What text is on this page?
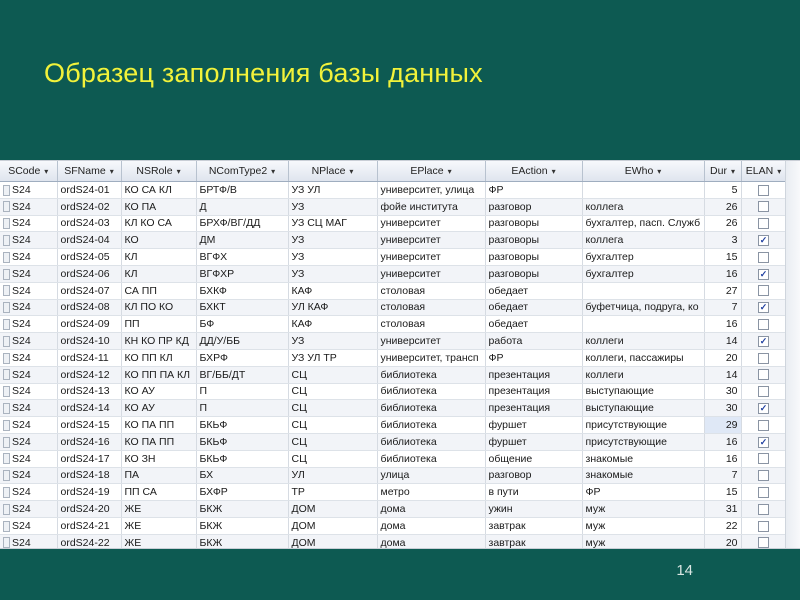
Образец заполнения базы данных
SCode ▾	SFName ▾	NSRole ▾	NComType2 ▾	NPlace ▾	EPlace ▾	EAction ▾	EWho ▾	Dur ▾	ELAN ▾
S24	ordS24-01	КО СА КЛ	БРТФ/В	УЗ УЛ	университет, улица	ФР		5	
S24	ordS24-02	КО ПА	Д	УЗ	фойе института	разговор	коллега	26	
S24	ordS24-03	КЛ КО СА	БРХФ/ВГ/ДД	УЗ СЦ МАГ	университет	разговоры	бухгалтер, пасп. Служб	26	
S24	ordS24-04	КО	ДМ	УЗ	университет	разговоры	коллега	3	✓
S24	ordS24-05	КЛ	ВГФХ	УЗ	университет	разговоры	бухгалтер	15	
S24	ordS24-06	КЛ	ВГФХР	УЗ	университет	разговоры	бухгалтер	16	✓
S24	ordS24-07	СА ПП	БХКФ	КАФ	столовая	обедает		27	
S24	ordS24-08	КЛ ПО КО	БХКТ	УЛ КАФ	столовая	обедает	буфетчица, подруга, ко	7	✓
S24	ordS24-09	ПП	БФ	КАФ	столовая	обедает		16	
S24	ordS24-10	КН КО ПР КД	ДД/У/ББ	УЗ	университет	работа	коллеги	14	✓
S24	ordS24-11	КО ПП КЛ	БХРФ	УЗ УЛ ТР	университет, трансп	ФР	коллеги, пассажиры	20	
S24	ordS24-12	КО ПП ПА КЛ	ВГ/ББ/ДТ	СЦ	библиотека	презентация	коллеги	14	
S24	ordS24-13	КО АУ	П	СЦ	библиотека	презентация	выступающие	30	
S24	ordS24-14	КО АУ	П	СЦ	библиотека	презентация	выступающие	30	✓
S24	ordS24-15	КО ПА ПП	БКЬФ	СЦ	библиотека	фуршет	присутствующие	29	
S24	ordS24-16	КО ПА ПП	БКЬФ	СЦ	библиотека	фуршет	присутствующие	16	✓
S24	ordS24-17	КО ЗН	БКЬФ	СЦ	библиотека	общение	знакомые	16	
S24	ordS24-18	ПА	БХ	УЛ	улица	разговор	знакомые	7	
S24	ordS24-19	ПП СА	БХФР	ТР	метро	в пути	ФР	15	
S24	ordS24-20	ЖЕ	БКЖ	ДОМ	дома	ужин	муж	31	
S24	ordS24-21	ЖЕ	БКЖ	ДОМ	дома	завтрак	муж	22	
S24	ordS24-22	ЖЕ	БКЖ	ДОМ	дома	завтрак	муж	20	
14
